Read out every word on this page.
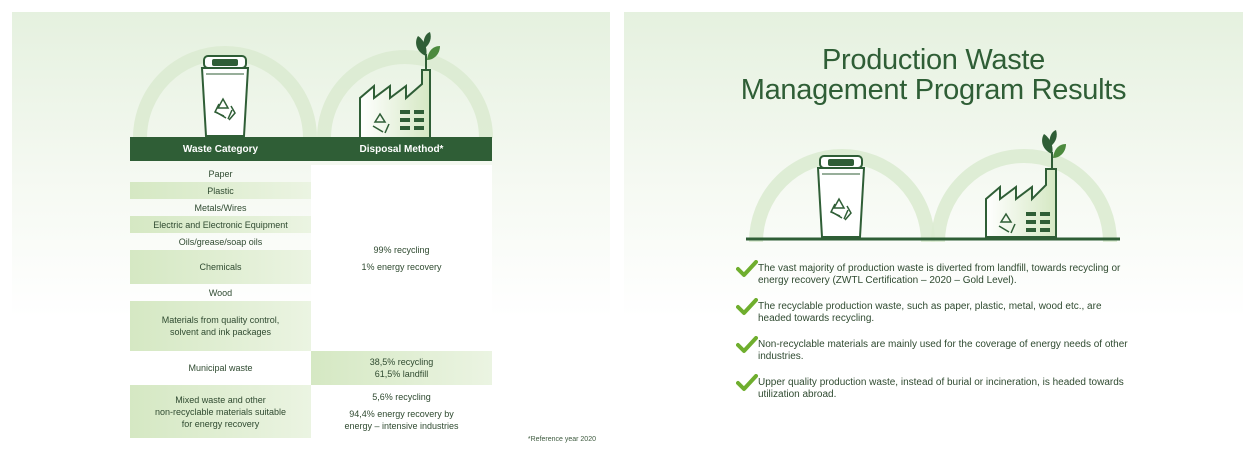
Waste Category	Disposal Method*
Paper
Plastic
Metals/Wires
Electric and Electronic Equipment
Oils/grease/soap oils
Chemicals
Wood
Materials from quality control,
solvent and ink packages
Municipal waste
Mixed waste and other
non-recyclable materials suitable
for energy recovery
99% recycling
1% energy recovery
38,5% recycling
61,5% landfill
5,6% recycling
94,4% energy recovery by
energy – intensive industries
*Reference year 2020
Production Waste
Management Program Results
The vast majority of production waste is diverted from landfill, towards recycling or energy recovery (ZWTL Certification – 2020 – Gold Level).
The recyclable production waste, such as paper, plastic, metal, wood etc., are headed towards recycling.
Non-recyclable materials are mainly used for the coverage of energy needs of other industries.
Upper quality production waste, instead of burial or incineration, is headed towards utilization abroad.
